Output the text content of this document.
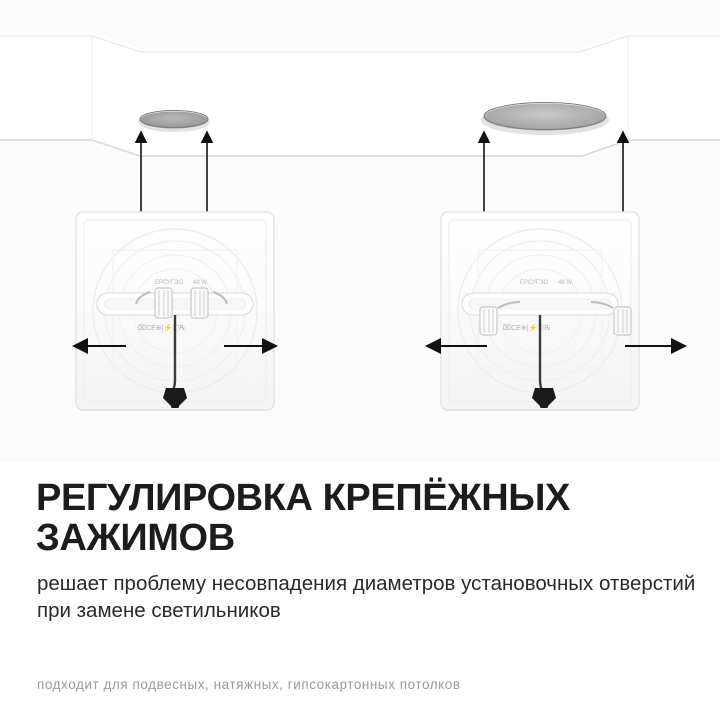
ЕРСУГЭО 48 W
⌧CE⊕|⚡Ⓤ℞
ЕРСУГЭО 48 W
⌧CE⊕|⚡Ⓤ℞
РЕГУЛИРОВКА КРЕПЁЖНЫХ ЗАЖИМОВ
решает проблему несовпадения диаметров установочных отверстий при замене светильников
подходит для подвесных, натяжных, гипсокартонных потолков
